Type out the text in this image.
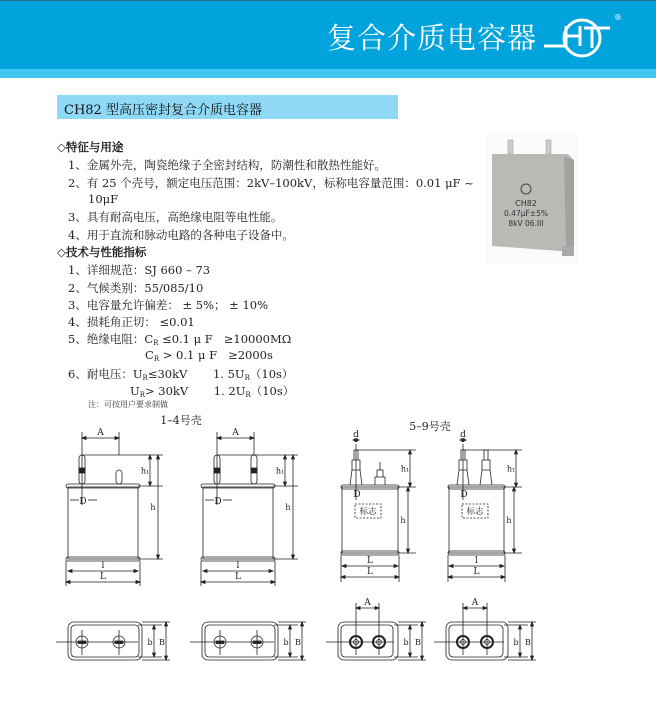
复合介质电容器
®
CH82 型高压密封复合介质电容器
◇特征与用途
1、金属外壳，陶瓷绝缘子全密封结构，防潮性和散热性能好。
2、有 25 个壳号，额定电压范围：2kV–100kV，标称电容量范围：0.01 μF ~
10μF
3、具有耐高电压，高绝缘电阻等电性能。
4、用于直流和脉动电路的各种电子设备中。
◇技术与性能指标
1、详细规范：SJ 660 – 73
2、气候类别：55/085/10
3、电容量允许偏差： ± 5%； ± 10%
4、损耗角正切： ≤0.01
5、绝缘电阻：$C_R \le 0.1$ μ F ≥10000MΩ
$C_R > 0.1$ μ F ≥2000s
6、耐电压：$U_R\le 30kV$ 1. $5U_R(10s)$
$U_R> 30kV$ 1. $2U_R(10s)$
注：可按用户要求制做
CH82
0.47μF±5%
8kV 06.III
1–4号壳	5–9号壳
A
h₁
h
D
l
L
A
h₁
h
D
l
L
d
h₁
h
D
标志
L
L
d
h₁
h
D
标志
l
L
b B	b B
A
b B
A
b B
